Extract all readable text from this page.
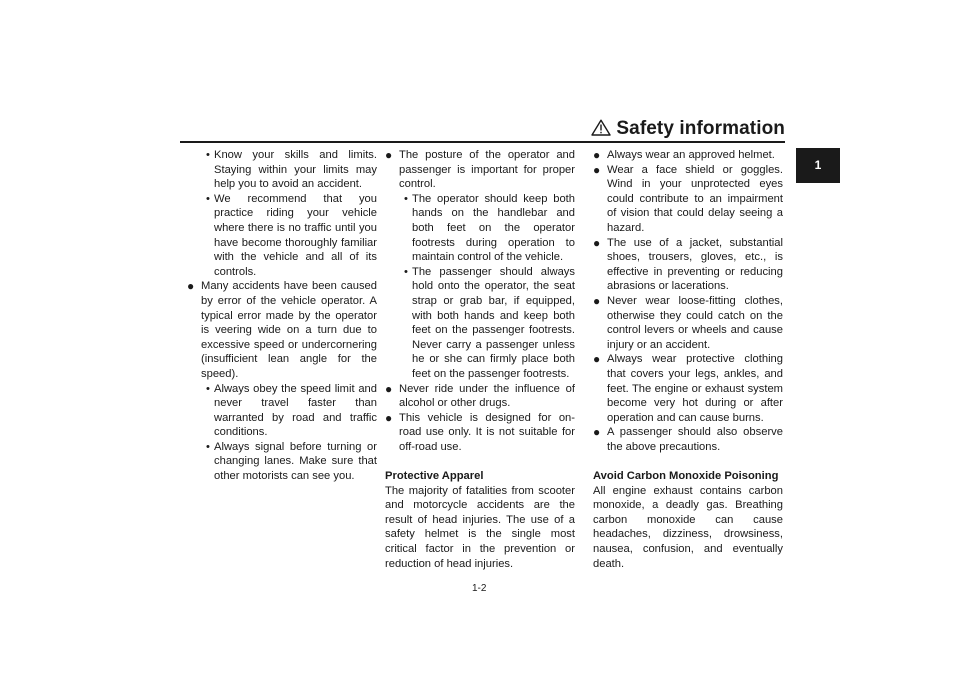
Safety information
1
• Know your skills and limits. Staying within your limits may help you to avoid an accident.
• We recommend that you practice riding your vehicle where there is no traffic until you have become thoroughly familiar with the vehicle and all of its controls.
● Many accidents have been caused by error of the vehicle operator. A typical error made by the operator is veering wide on a turn due to excessive speed or undercornering (insufficient lean angle for the speed).
• Always obey the speed limit and never travel faster than warranted by road and traffic conditions.
• Always signal before turning or changing lanes. Make sure that other motorists can see you.
● The posture of the operator and passenger is important for proper control.
• The operator should keep both hands on the handlebar and both feet on the operator footrests during operation to maintain control of the vehicle.
• The passenger should always hold onto the operator, the seat strap or grab bar, if equipped, with both hands and keep both feet on the passenger footrests. Never carry a passenger unless he or she can firmly place both feet on the passenger footrests.
● Never ride under the influence of alcohol or other drugs.
● This vehicle is designed for on-road use only. It is not suitable for off-road use.

Protective Apparel

The majority of fatalities from scooter and motorcycle accidents are the result of head injuries. The use of a safety helmet is the single most critical factor in the prevention or reduction of head injuries.

● Always wear an approved helmet.
● Wear a face shield or goggles. Wind in your unprotected eyes could contribute to an impairment of vision that could delay seeing a hazard.
● The use of a jacket, substantial shoes, trousers, gloves, etc., is effective in preventing or reducing abrasions or lacerations.
● Never wear loose-fitting clothes, otherwise they could catch on the control levers or wheels and cause injury or an accident.
● Always wear protective clothing that covers your legs, ankles, and feet. The engine or exhaust system become very hot during or after operation and can cause burns.
● A passenger should also observe the above precautions.

Avoid Carbon Monoxide Poisoning

All engine exhaust contains carbon monoxide, a deadly gas. Breathing carbon monoxide can cause headaches, dizziness, drowsiness, nausea, confusion, and eventually death.

1-2
